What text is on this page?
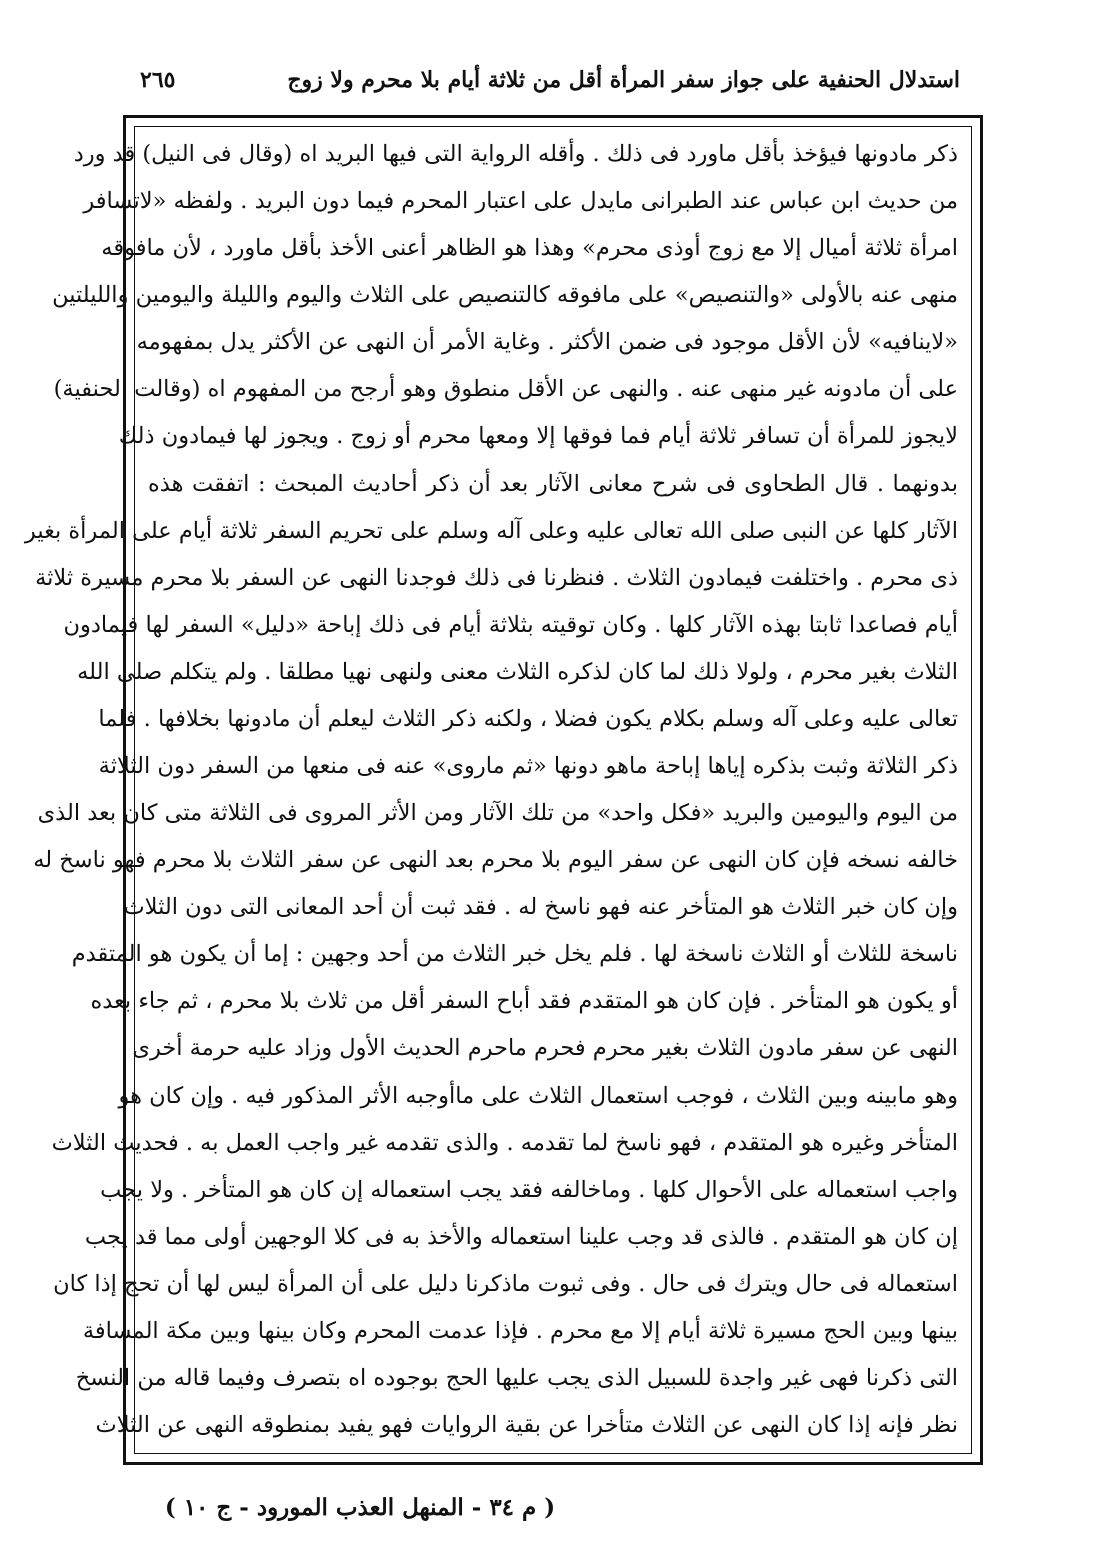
استدلال الحنفية على جواز سفر المرأة أقل من ثلاثة أيام بلا محرم ولا زوج
٢٦٥
ذكر مادونها فيؤخذ بأقل ماورد فى ذلك . وأقله الرواية التى فيها البريد اه (وقال فى النيل) قد ورد
من حديث ابن عباس عند الطبرانى مايدل على اعتبار المحرم فيما دون البريد . ولفظه «لاتسافر
امرأة ثلاثة أميال إلا مع زوج أوذى محرم» وهذا هو الظاهر أعنى الأخذ بأقل ماورد ، لأن مافوقه
منهى عنه بالأولى «والتنصيص» على مافوقه كالتنصيص على الثلاث واليوم والليلة واليومين والليلتين
«لاينافيه» لأن الأقل موجود فى ضمن الأكثر . وغاية الأمر أن النهى عن الأكثر يدل بمفهومه
على أن مادونه غير منهى عنه . والنهى عن الأقل منطوق وهو أرجح من المفهوم اه (وقالت الحنفية)
لايجوز للمرأة أن تسافر ثلاثة أيام فما فوقها إلا ومعها محرم أو زوج . ويجوز لها فيمادون ذلك
بدونهما . قال الطحاوى فى شرح معانى الآثار بعد أن ذكر أحاديث المبحث : اتفقت هذه
الآثار كلها عن النبى صلى الله تعالى عليه وعلى آله وسلم على تحريم السفر ثلاثة أيام على المرأة بغير
ذى محرم . واختلفت فيمادون الثلاث . فنظرنا فى ذلك فوجدنا النهى عن السفر بلا محرم مسيرة ثلاثة
أيام فصاعدا ثابتا بهذه الآثار كلها . وكان توقيته بثلاثة أيام فى ذلك إباحة «دليل» السفر لها فيمادون
الثلاث بغير محرم ، ولولا ذلك لما كان لذكره الثلاث معنى ولنهى نهيا مطلقا . ولم يتكلم صلى الله
تعالى عليه وعلى آله وسلم بكلام يكون فضلا ، ولكنه ذكر الثلاث ليعلم أن مادونها بخلافها . فلما
ذكر الثلاثة وثبت بذكره إياها إباحة ماهو دونها «ثم ماروى» عنه فى منعها من السفر دون الثلاثة
من اليوم واليومين والبريد «فكل واحد» من تلك الآثار ومن الأثر المروى فى الثلاثة متى كان بعد الذى
خالفه نسخه فإن كان النهى عن سفر اليوم بلا محرم بعد النهى عن سفر الثلاث بلا محرم فهو ناسخ له
وإن كان خبر الثلاث هو المتأخر عنه فهو ناسخ له . فقد ثبت أن أحد المعانى التى دون الثلاث
ناسخة للثلاث أو الثلاث ناسخة لها . فلم يخل خبر الثلاث من أحد وجهين : إما أن يكون هو المتقدم
أو يكون هو المتأخر . فإن كان هو المتقدم فقد أباح السفر أقل من ثلاث بلا محرم ، ثم جاء بعده
النهى عن سفر مادون الثلاث بغير محرم فحرم ماحرم الحديث الأول وزاد عليه حرمة أخرى
وهو مابينه وبين الثلاث ، فوجب استعمال الثلاث على ماأوجبه الأثر المذكور فيه . وإن كان هو
المتأخر وغيره هو المتقدم ، فهو ناسخ لما تقدمه . والذى تقدمه غير واجب العمل به . فحديث الثلاث
واجب استعماله على الأحوال كلها . وماخالفه فقد يجب استعماله إن كان هو المتأخر . ولا يجب
إن كان هو المتقدم . فالذى قد وجب علينا استعماله والأخذ به فى كلا الوجهين أولى مما قد يجب
استعماله فى حال ويترك فى حال . وفى ثبوت ماذكرنا دليل على أن المرأة ليس لها أن تحج إذا كان
بينها وبين الحج مسيرة ثلاثة أيام إلا مع محرم . فإذا عدمت المحرم وكان بينها وبين مكة المسافة
التى ذكرنا فهى غير واجدة للسبيل الذى يجب عليها الحج بوجوده اه بتصرف وفيما قاله من النسخ
نظر فإنه إذا كان النهى عن الثلاث متأخرا عن بقية الروايات فهو يفيد بمنطوقه النهى عن الثلاث
( م ٣٤ - المنهل العذب المورود - ج ١٠ )
